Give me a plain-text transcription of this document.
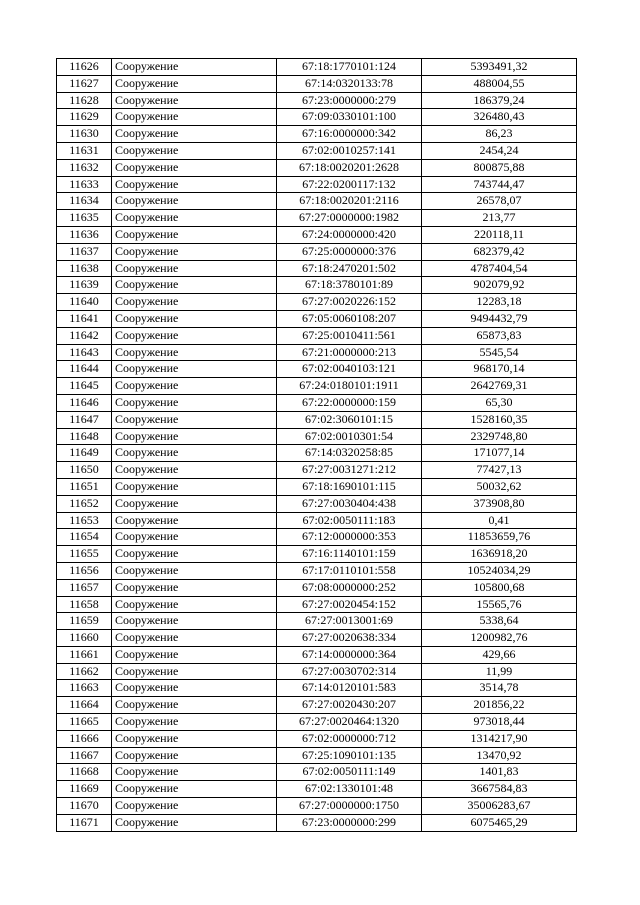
11626	Сооружение	67:18:1770101:124	5393491,32
11627	Сооружение	67:14:0320133:78	488004,55
11628	Сооружение	67:23:0000000:279	186379,24
11629	Сооружение	67:09:0330101:100	326480,43
11630	Сооружение	67:16:0000000:342	86,23
11631	Сооружение	67:02:0010257:141	2454,24
11632	Сооружение	67:18:0020201:2628	800875,88
11633	Сооружение	67:22:0200117:132	743744,47
11634	Сооружение	67:18:0020201:2116	26578,07
11635	Сооружение	67:27:0000000:1982	213,77
11636	Сооружение	67:24:0000000:420	220118,11
11637	Сооружение	67:25:0000000:376	682379,42
11638	Сооружение	67:18:2470201:502	4787404,54
11639	Сооружение	67:18:3780101:89	902079,92
11640	Сооружение	67:27:0020226:152	12283,18
11641	Сооружение	67:05:0060108:207	9494432,79
11642	Сооружение	67:25:0010411:561	65873,83
11643	Сооружение	67:21:0000000:213	5545,54
11644	Сооружение	67:02:0040103:121	968170,14
11645	Сооружение	67:24:0180101:1911	2642769,31
11646	Сооружение	67:22:0000000:159	65,30
11647	Сооружение	67:02:3060101:15	1528160,35
11648	Сооружение	67:02:0010301:54	2329748,80
11649	Сооружение	67:14:0320258:85	171077,14
11650	Сооружение	67:27:0031271:212	77427,13
11651	Сооружение	67:18:1690101:115	50032,62
11652	Сооружение	67:27:0030404:438	373908,80
11653	Сооружение	67:02:0050111:183	0,41
11654	Сооружение	67:12:0000000:353	11853659,76
11655	Сооружение	67:16:1140101:159	1636918,20
11656	Сооружение	67:17:0110101:558	10524034,29
11657	Сооружение	67:08:0000000:252	105800,68
11658	Сооружение	67:27:0020454:152	15565,76
11659	Сооружение	67:27:0013001:69	5338,64
11660	Сооружение	67:27:0020638:334	1200982,76
11661	Сооружение	67:14:0000000:364	429,66
11662	Сооружение	67:27:0030702:314	11,99
11663	Сооружение	67:14:0120101:583	3514,78
11664	Сооружение	67:27:0020430:207	201856,22
11665	Сооружение	67:27:0020464:1320	973018,44
11666	Сооружение	67:02:0000000:712	1314217,90
11667	Сооружение	67:25:1090101:135	13470,92
11668	Сооружение	67:02:0050111:149	1401,83
11669	Сооружение	67:02:1330101:48	3667584,83
11670	Сооружение	67:27:0000000:1750	35006283,67
11671	Сооружение	67:23:0000000:299	6075465,29
